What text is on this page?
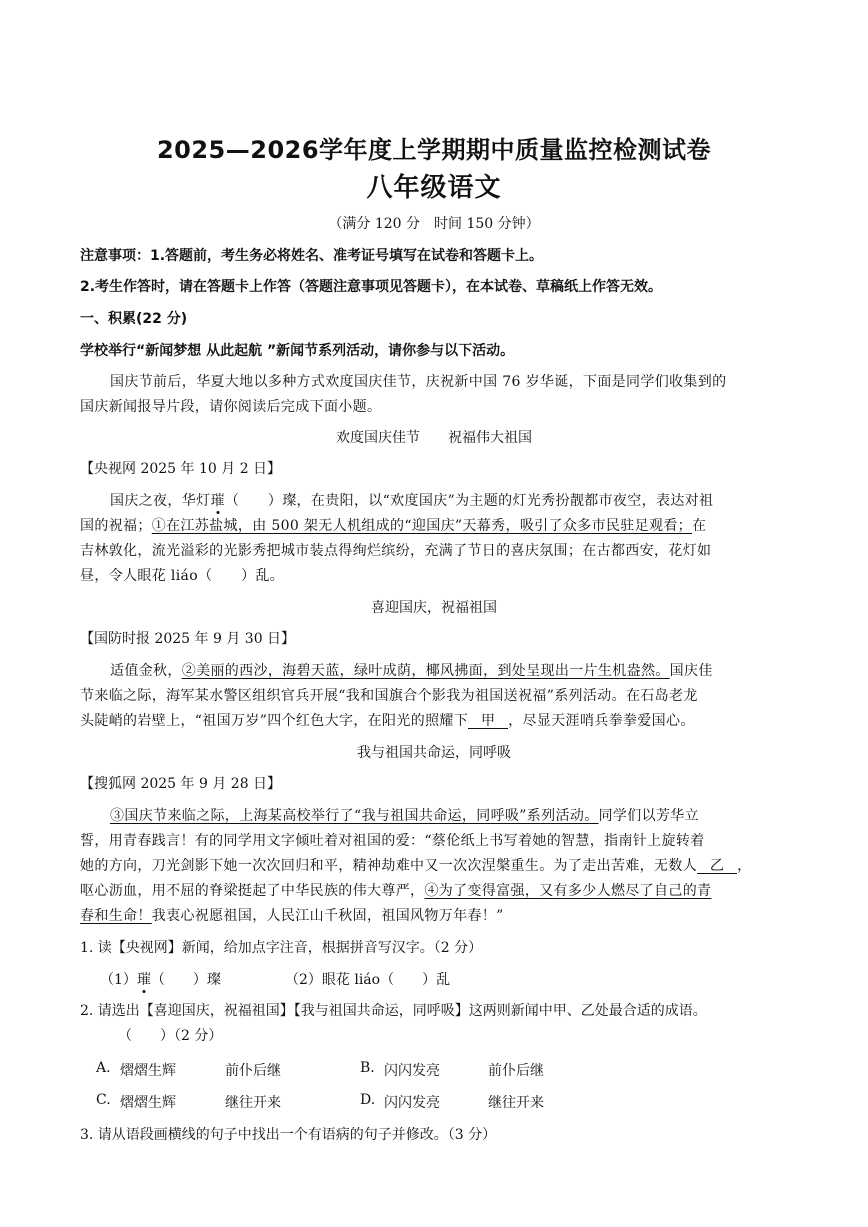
2025—2026学年度上学期期中质量监控检测试卷
八年级语文
（满分 120 分　时间 150 分钟）
注意事项：1.答题前，考生务必将姓名、准考证号填写在试卷和答题卡上。
2.考生作答时，请在答题卡上作答（答题注意事项见答题卡），在本试卷、草稿纸上作答无效。
一、积累(22 分)
学校举行“新闻梦想 从此起航 ”新闻节系列活动，请你参与以下活动。
国庆节前后，华夏大地以多种方式欢度国庆佳节，庆祝新中国 76 岁华诞，下面是同学们收集到的
国庆新闻报导片段，请你阅读后完成下面小题。
欢度国庆佳节　　祝福伟大祖国
【央视网 2025 年 10 月 2 日】
国庆之夜，华灯璀（　　）璨，在贵阳，以“欢度国庆”为主题的灯光秀扮靓都市夜空，表达对祖
国的祝福；①在江苏盐城，由 500 架无人机组成的“迎国庆”天幕秀，吸引了众多市民驻足观看；在
吉林敦化，流光溢彩的光影秀把城市装点得绚烂缤纷，充满了节日的喜庆氛围；在古都西安，花灯如
昼，令人眼花 liáo（　　）乱。
喜迎国庆，祝福祖国
【国防时报 2025 年 9 月 30 日】
适值金秋，②美丽的西沙，海碧天蓝，绿叶成荫，椰风拂面，到处呈现出一片生机盎然。国庆佳
节来临之际，海军某水警区组织官兵开展“我和国旗合个影我为祖国送祝福”系列活动。在石岛老龙
头陡峭的岩壁上，“祖国万岁”四个红色大字，在阳光的照耀下 甲 ，尽显天涯哨兵拳拳爱国心。
我与祖国共命运，同呼吸
【搜狐网 2025 年 9 月 28 日】
③国庆节来临之际，上海某高校举行了“我与祖国共命运，同呼吸”系列活动。同学们以芳华立
誓，用青春践言！有的同学用文字倾吐着对祖国的爱：“蔡伦纸上书写着她的智慧，指南针上旋转着
她的方向，刀光剑影下她一次次回归和平，精神劫难中又一次次涅槃重生。为了走出苦难，无数人 乙 ，
呕心沥血，用不屈的脊梁挺起了中华民族的伟大尊严，④为了变得富强，又有多少人燃尽了自己的青
春和生命！我衷心祝愿祖国，人民江山千秋固，祖国风物万年春！”
1. 读【央视网】新闻，给加点字注音，根据拼音写汉字。（2 分）
（1）璀（　　）璨	（2）眼花 liáo（　　）乱
2. 请选出【喜迎国庆，祝福祖国】【我与祖国共命运，同呼吸】这两则新闻中甲、乙处最合适的成语。
（　　）（2 分）
A. 熠熠生辉	前仆后继	B. 闪闪发亮	前仆后继
C. 熠熠生辉	继往开来	D. 闪闪发亮	继往开来
3. 请从语段画横线的句子中找出一个有语病的句子并修改。（3 分）
